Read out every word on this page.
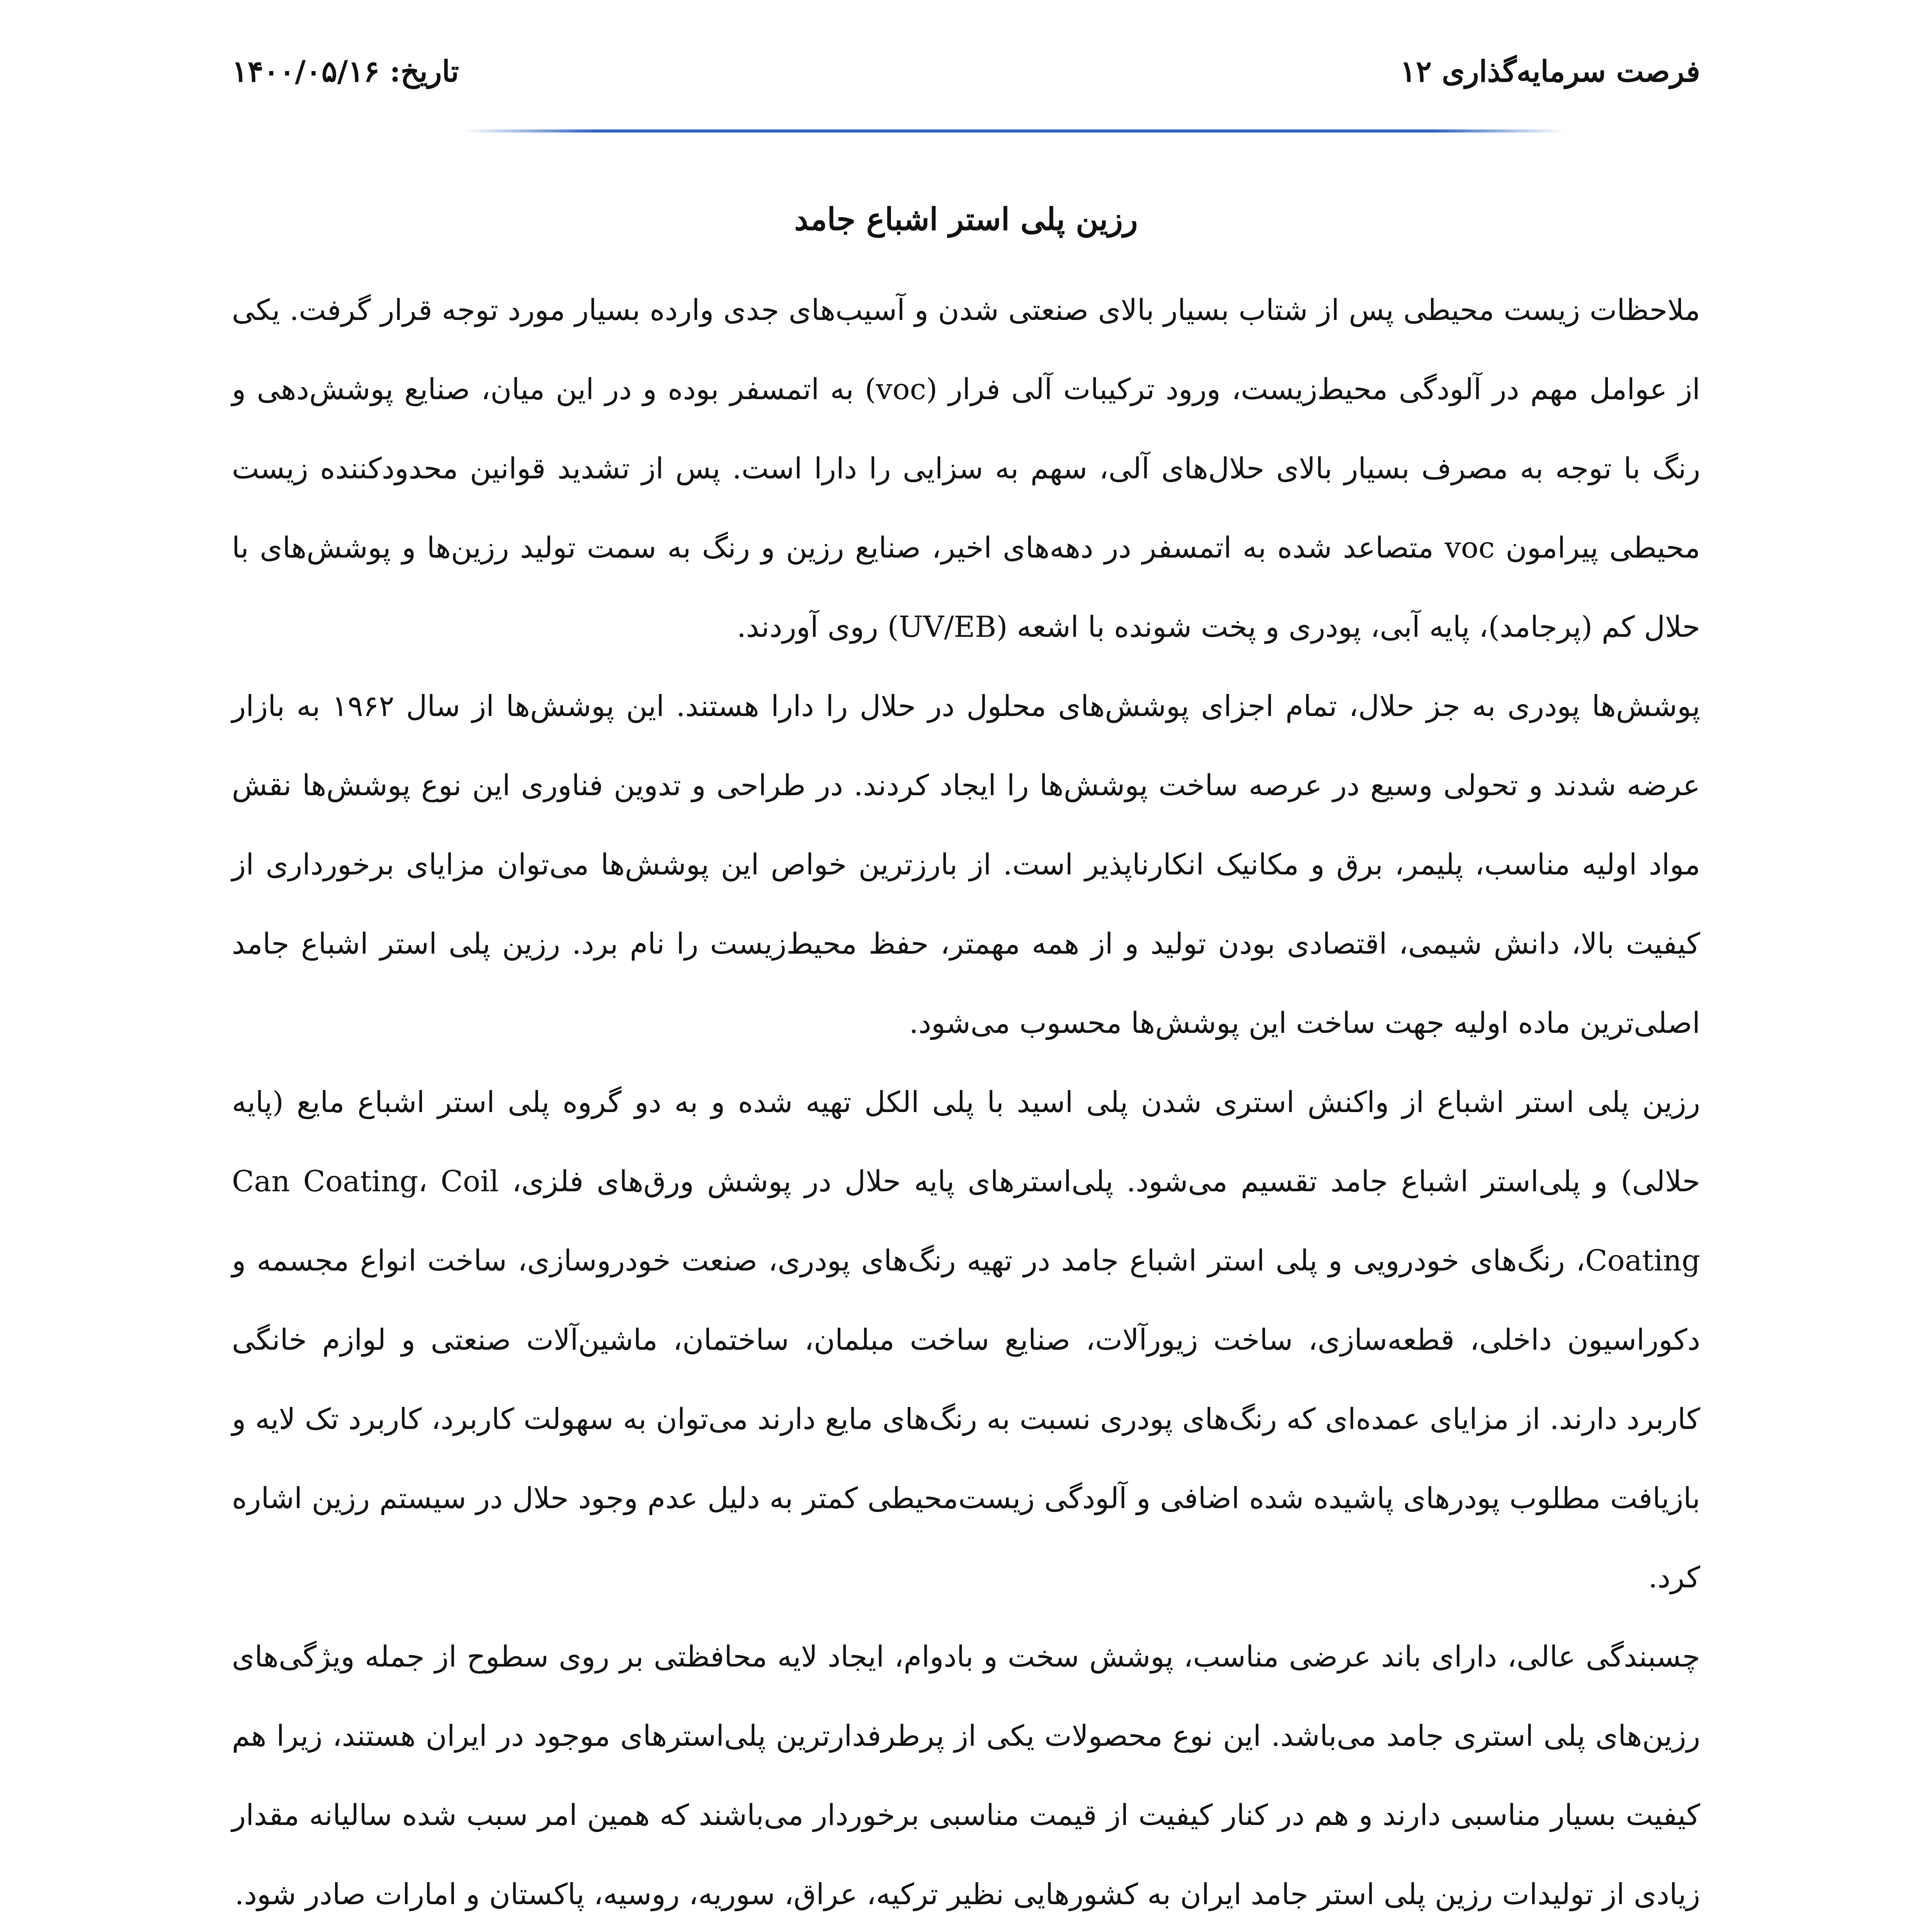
فرصت سرمایه‌گذاری ۱۲
تاریخ: ۱۴۰۰/۰۵/۱۶
رزین پلی استر اشباع جامد

ملاحظات زیست محیطی پس از شتاب بسیار بالای صنعتی شدن و آسیب‌های جدی وارده بسیار مورد توجه قرار گرفت. یکی از عوامل مهم در آلودگی محیط‌زیست، ورود ترکیبات آلی فرار (voc) به اتمسفر بوده و در این میان، صنایع پوشش‌دهی و رنگ با توجه به مصرف بسیار بالای حلال‌های آلی، سهم به سزایی را دارا است. پس از تشدید قوانین محدودکننده زیست محیطی پیرامون voc متصاعد شده به اتمسفر در دهه‌های اخیر، صنایع رزین و رنگ به سمت تولید رزین‌ها و پوشش‌های با حلال کم (پرجامد)، پایه آبی، پودری و پخت شونده با اشعه (UV/EB) روی آوردند.

پوشش‌ها پودری به جز حلال، تمام اجزای پوشش‌های محلول در حلال را دارا هستند. این پوشش‌ها از سال ۱۹۶۲ به بازار عرضه شدند و تحولی وسیع در عرصه ساخت پوشش‌ها را ایجاد کردند. در طراحی و تدوین فناوری این نوع پوشش‌ها نقش مواد اولیه مناسب، پلیمر، برق و مکانیک انکارناپذیر است. از بارزترین خواص این پوشش‌ها می‌توان مزایای برخورداری از کیفیت بالا، دانش شیمی، اقتصادی بودن تولید و از همه مهمتر، حفظ محیط‌زیست را نام برد. رزین پلی استر اشباع جامد اصلی‌ترین ماده اولیه جهت ساخت این پوشش‌ها محسوب می‌شود.

رزین پلی استر اشباع از واکنش استری شدن پلی اسید با پلی الکل تهیه شده و به دو گروه پلی استر اشباع مایع (پایه حلالی) و پلی‌استر اشباع جامد تقسیم می‌شود. پلی‌استرهای پایه حلال در پوشش ورق‌های فلزی، Can Coating، Coil Coating، رنگ‌های خودرویی و پلی استر اشباع جامد در تهیه رنگ‌های پودری، صنعت خودروسازی، ساخت انواع مجسمه و دکوراسیون داخلی، قطعه‌سازی، ساخت زیورآلات، صنایع ساخت مبلمان، ساختمان، ماشین‌آلات صنعتی و لوازم خانگی کاربرد دارند. از مزایای عمده‌ای که رنگ‌های پودری نسبت به رنگ‌های مایع دارند می‌توان به سهولت کاربرد، کاربرد تک لایه و بازیافت مطلوب پودرهای پاشیده شده اضافی و آلودگی زیست‌محیطی کمتر به دلیل عدم وجود حلال در سیستم رزین اشاره کرد.

چسبندگی عالی، دارای باند عرضی مناسب، پوشش سخت و بادوام، ایجاد لایه محافظتی بر روی سطوح از جمله ویژگی‌های رزین‌های پلی استری جامد می‌باشد. این نوع محصولات یکی از پرطرفدارترین پلی‌استرهای موجود در ایران هستند، زیرا هم کیفیت بسیار مناسبی دارند و هم در کنار کیفیت از قیمت مناسبی برخوردار می‌باشند که همین امر سبب شده سالیانه مقدار زیادی از تولیدات رزین پلی استر جامد ایران به کشورهایی نظیر ترکیه، عراق، سوریه، روسیه، پاکستان و امارات صادر شود.
